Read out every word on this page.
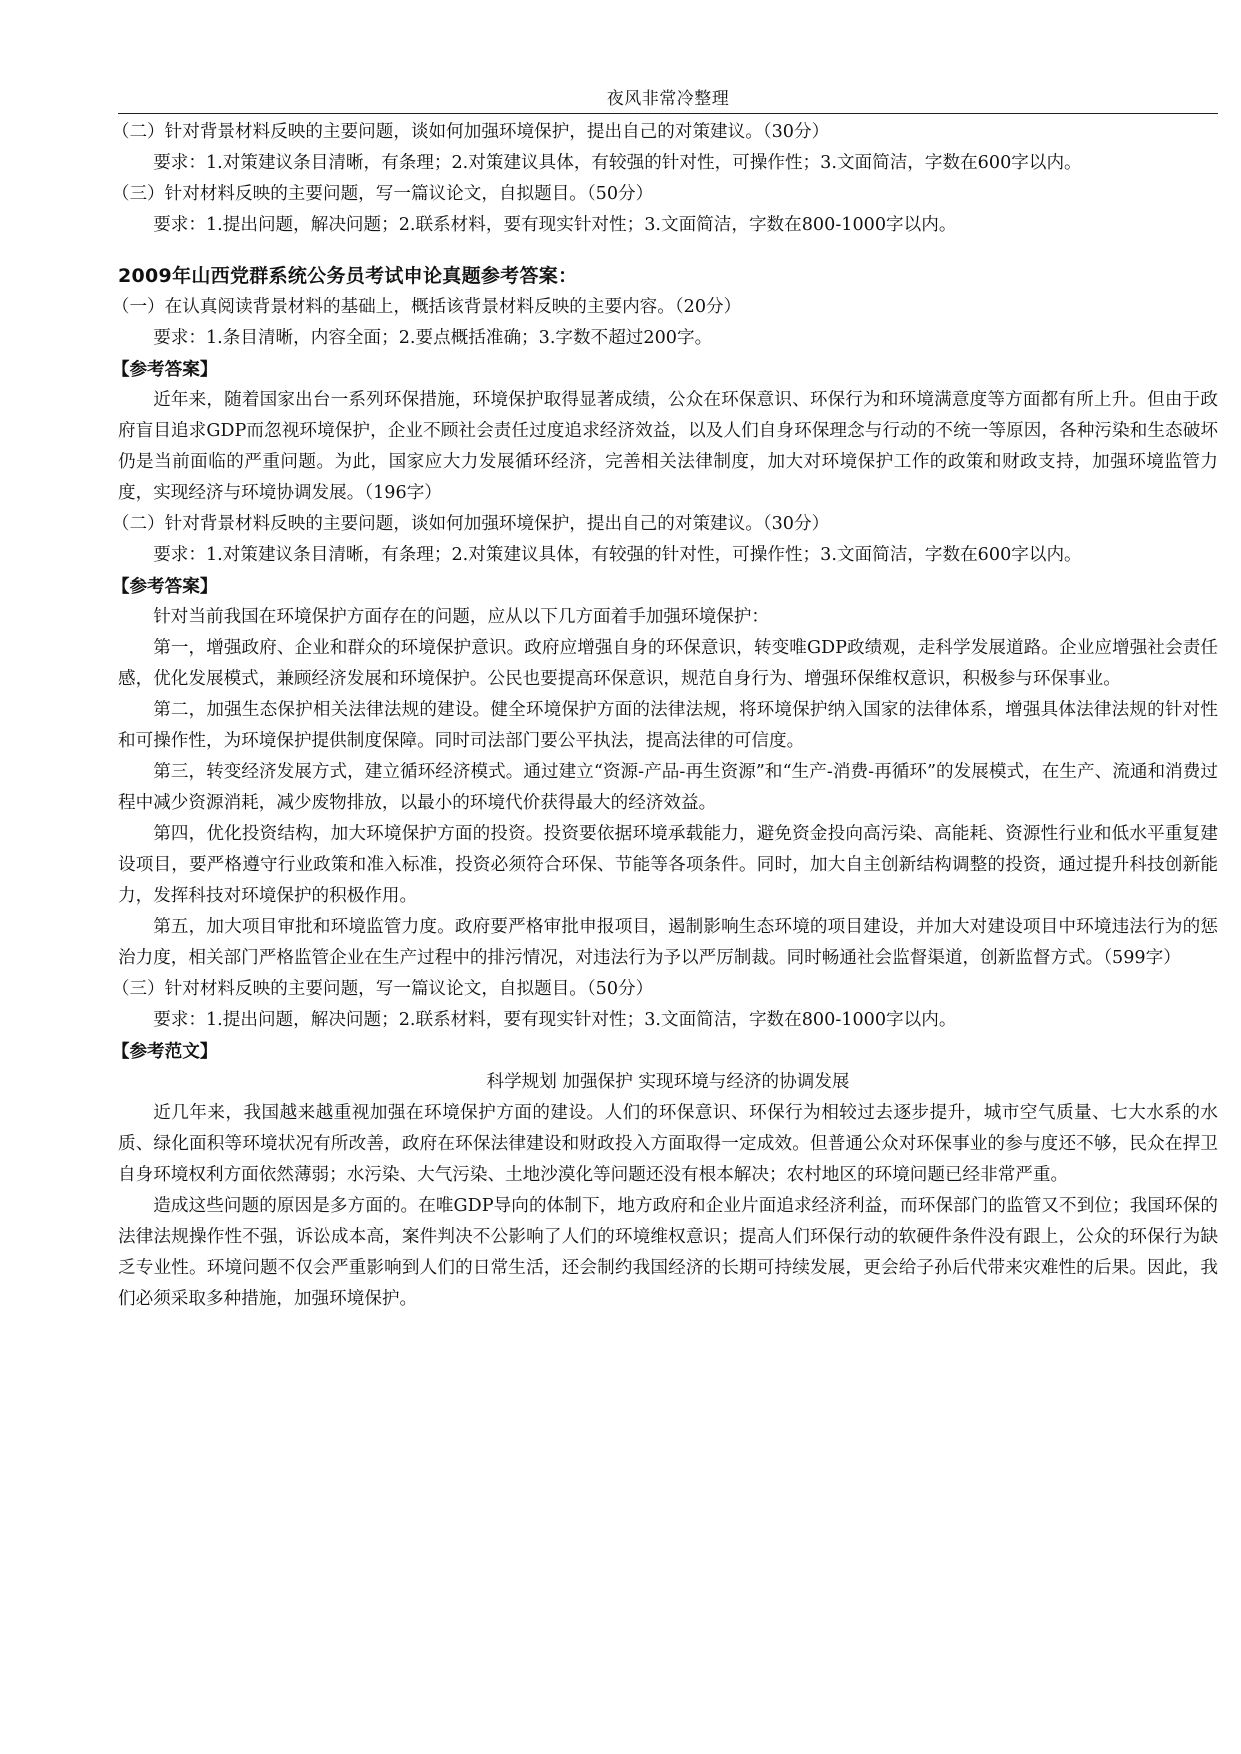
夜风非常冷整理

（二）针对背景材料反映的主要问题，谈如何加强环境保护，提出自己的对策建议。（30分）

要求：1.对策建议条目清晰，有条理；2.对策建议具体，有较强的针对性，可操作性；3.文面简洁，字数在600字以内。

（三）针对材料反映的主要问题，写一篇议论文，自拟题目。（50分）

要求：1.提出问题，解决问题；2.联系材料，要有现实针对性；3.文面简洁，字数在800-1000字以内。

2009年山西党群系统公务员考试申论真题参考答案：

（一）在认真阅读背景材料的基础上，概括该背景材料反映的主要内容。（20分）

要求：1.条目清晰，内容全面；2.要点概括准确；3.字数不超过200字。

【参考答案】

近年来，随着国家出台一系列环保措施，环境保护取得显著成绩，公众在环保意识、环保行为和环境满意度等方面都有所上升。但由于政府盲目追求GDP而忽视环境保护，企业不顾社会责任过度追求经济效益，以及人们自身环保理念与行动的不统一等原因，各种污染和生态破坏仍是当前面临的严重问题。为此，国家应大力发展循环经济，完善相关法律制度，加大对环境保护工作的政策和财政支持，加强环境监管力度，实现经济与环境协调发展。（196字）

（二）针对背景材料反映的主要问题，谈如何加强环境保护，提出自己的对策建议。（30分）

要求：1.对策建议条目清晰，有条理；2.对策建议具体，有较强的针对性，可操作性；3.文面简洁，字数在600字以内。

【参考答案】

针对当前我国在环境保护方面存在的问题，应从以下几方面着手加强环境保护：

第一，增强政府、企业和群众的环境保护意识。政府应增强自身的环保意识，转变唯GDP政绩观，走科学发展道路。企业应增强社会责任感，优化发展模式，兼顾经济发展和环境保护。公民也要提高环保意识，规范自身行为、增强环保维权意识，积极参与环保事业。

第二，加强生态保护相关法律法规的建设。健全环境保护方面的法律法规，将环境保护纳入国家的法律体系，增强具体法律法规的针对性和可操作性，为环境保护提供制度保障。同时司法部门要公平执法，提高法律的可信度。

第三，转变经济发展方式，建立循环经济模式。通过建立“资源-产品-再生资源”和“生产-消费-再循环”的发展模式，在生产、流通和消费过程中减少资源消耗，减少废物排放，以最小的环境代价获得最大的经济效益。

第四，优化投资结构，加大环境保护方面的投资。投资要依据环境承载能力，避免资金投向高污染、高能耗、资源性行业和低水平重复建设项目，要严格遵守行业政策和准入标准，投资必须符合环保、节能等各项条件。同时，加大自主创新结构调整的投资，通过提升科技创新能力，发挥科技对环境保护的积极作用。

第五，加大项目审批和环境监管力度。政府要严格审批申报项目，遏制影响生态环境的项目建设，并加大对建设项目中环境违法行为的惩治力度，相关部门严格监管企业在生产过程中的排污情况，对违法行为予以严厉制裁。同时畅通社会监督渠道，创新监督方式。（599字）

（三）针对材料反映的主要问题，写一篇议论文，自拟题目。（50分）

要求：1.提出问题，解决问题；2.联系材料，要有现实针对性；3.文面简洁，字数在800-1000字以内。

【参考范文】

科学规划 加强保护 实现环境与经济的协调发展

近几年来，我国越来越重视加强在环境保护方面的建设。人们的环保意识、环保行为相较过去逐步提升，城市空气质量、七大水系的水质、绿化面积等环境状况有所改善，政府在环保法律建设和财政投入方面取得一定成效。但普通公众对环保事业的参与度还不够，民众在捍卫自身环境权利方面依然薄弱；水污染、大气污染、土地沙漠化等问题还没有根本解决；农村地区的环境问题已经非常严重。

造成这些问题的原因是多方面的。在唯GDP导向的体制下，地方政府和企业片面追求经济利益，而环保部门的监管又不到位；我国环保的法律法规操作性不强，诉讼成本高，案件判决不公影响了人们的环境维权意识；提高人们环保行动的软硬件条件没有跟上，公众的环保行为缺乏专业性。环境问题不仅会严重影响到人们的日常生活，还会制约我国经济的长期可持续发展，更会给子孙后代带来灾难性的后果。因此，我们必须采取多种措施，加强环境保护。
